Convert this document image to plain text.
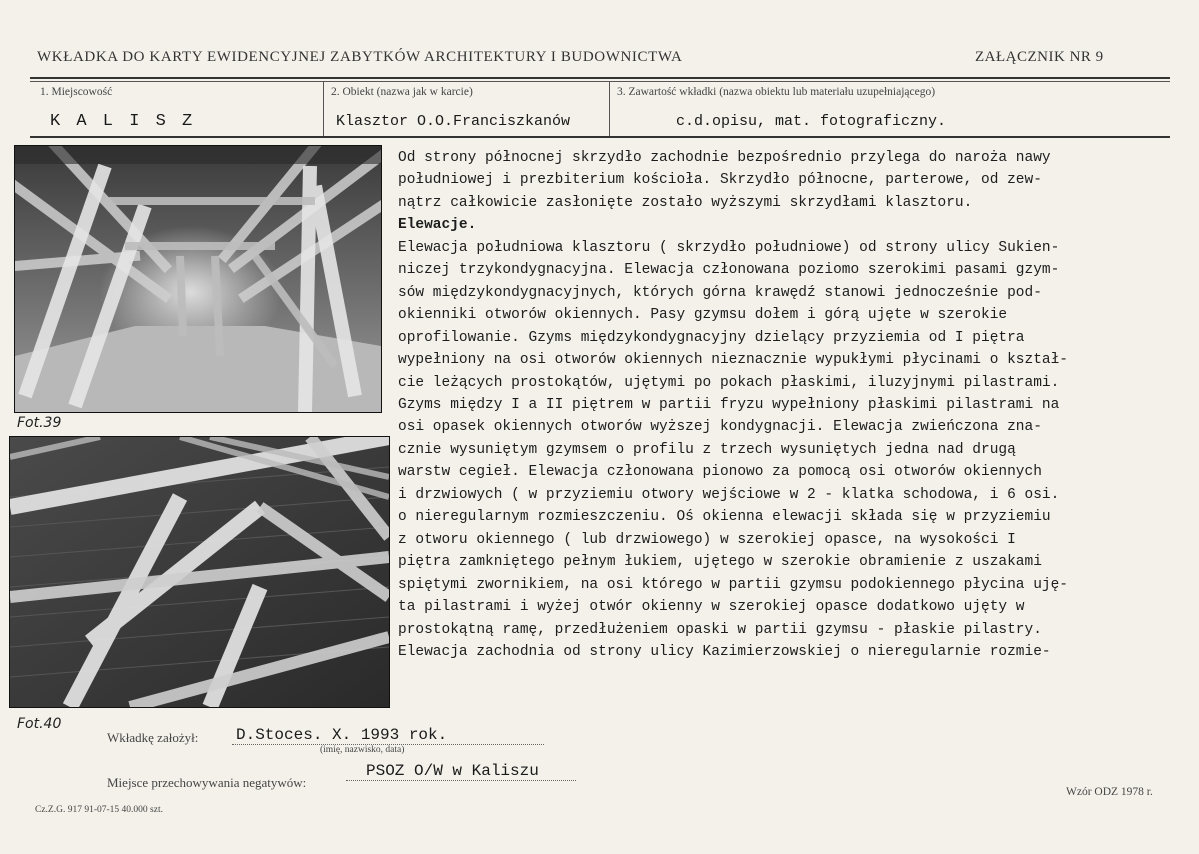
WKŁADKA DO KARTY EWIDENCYJNEJ ZABYTKÓW ARCHITEKTURY I BUDOWNICTWA	ZAŁĄCZNIK NR 9
1. Miejscowość
K A L I S Z
2. Obiekt (nazwa jak w karcie)
Klasztor O.O.Franciszkanów
3. Zawartość wkładki (nazwa obiektu lub materiału uzupełniającego)
c.d.opisu, mat. fotograficzny.
Fot.39
Fot.40
Od strony północnej skrzydło zachodnie bezpośrednio przylega do naroża nawy
południowej i prezbiterium kościoła. Skrzydło północne, parterowe, od zew-
nątrz całkowicie zasłonięte zostało wyższymi skrzydłami klasztoru.
Elewacje.
Elewacja południowa klasztoru ( skrzydło południowe) od strony ulicy Sukien-
niczej trzykondygnacyjna. Elewacja członowana poziomo szerokimi pasami gzym-
sów międzykondygnacyjnych, których górna krawędź stanowi jednocześnie pod-
okienniki otworów okiennych. Pasy gzymsu dołem i górą ujęte w szerokie
oprofilowanie. Gzyms międzykondygnacyjny dzielący przyziemia od I piętra
wypełniony na osi otworów okiennych nieznacznie wypukłymi płycinami o kształ-
cie leżących prostokątów, ujętymi po pokach płaskimi, iluzyjnymi pilastrami.
Gzyms między I a II piętrem w partii fryzu wypełniony płaskimi pilastrami na
osi opasek okiennych otworów wyższej kondygnacji. Elewacja zwieńczona zna-
cznie wysuniętym gzymsem o profilu z trzech wysuniętych jedna nad drugą
warstw cegieł. Elewacja członowana pionowo za pomocą osi otworów okiennych
i drzwiowych ( w przyziemiu otwory wejściowe w 2 - klatka schodowa, i 6 osi.
o nieregularnym rozmieszczeniu. Oś okienna elewacji składa się w przyziemiu
z otworu okiennego ( lub drzwiowego) w szerokiej opasce, na wysokości I
piętra zamkniętego pełnym łukiem, ujętego w szerokie obramienie z uszakami
spiętymi zwornikiem, na osi którego w partii gzymsu podokiennego płycina uję-
ta pilastrami i wyżej otwór okienny w szerokiej opasce dodatkowo ujęty w
prostokątną ramę, przedłużeniem opaski w partii gzymsu - płaskie pilastry.
Elewacja zachodnia od strony ulicy Kazimierzowskiej o nieregularnie rozmie-
Wkładkę założył: D.Stoces. X. 1993 rok.
(imię, nazwisko, data)
Miejsce przechowywania negatywów:
PSOZ O/W w Kaliszu
Wzór ODZ 1978 r.
Cz.Z.G. 917 91-07-15 40.000 szt.
